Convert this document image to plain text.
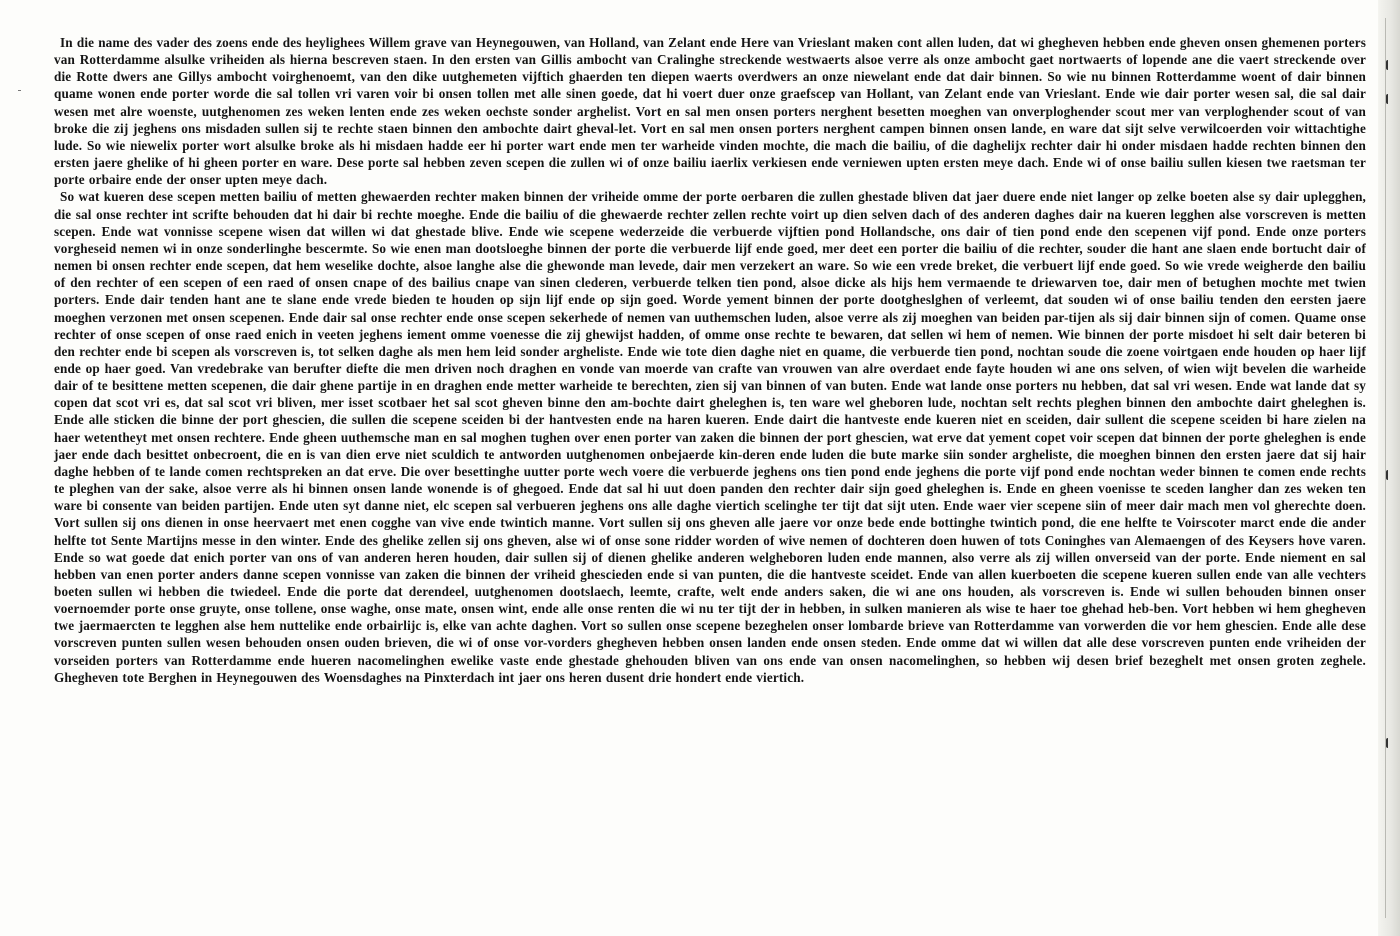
In die name des vader des zoens ende des heylighees Willem grave van Heynegouwen, van Holland, van Zelant ende Here van Vrieslant maken cont allen luden, dat wi ghegheven hebben ende gheven onsen ghemenen porters van Rotterdamme alsulke vriheiden als hierna bescreven staen. In den ersten van Gillis ambocht van Cralinghe streckende westwaerts alsoe verre als onze ambocht gaet nortwaerts of lopende ane die vaert streckende over die Rotte dwers ane Gillys ambocht voirghenoemt, van den dike uutghemeten vijftich ghaerden ten diepen waerts overdwers an onze niewelant ende dat dair binnen. So wie nu binnen Rotterdamme woent of dair binnen quame wonen ende porter worde die sal tollen vri varen voir bi onsen tollen met alle sinen goede, dat hi voert duer onze graefscep van Hollant, van Zelant ende van Vrieslant. Ende wie dair porter wesen sal, die sal dair wesen met alre woenste, uutghenomen zes weken lenten ende zes weken oechste sonder arghelist. Vort en sal men onsen porters nerghent besetten moeghen van onverploghender scout mer van verploghender scout of van broke die zij jeghens ons misdaden sullen sij te rechte staen binnen den ambochte dairt gheval-let. Vort en sal men onsen porters nerghent campen binnen onsen lande, en ware dat sijt selve verwilcoerden voir wittachtighe lude. So wie niewelix porter wort alsulke broke als hi misdaen hadde eer hi porter wart ende men ter warheide vinden mochte, die mach die bailiu, of die daghelijx rechter dair hi onder misdaen hadde rechten binnen den ersten jaere ghelike of hi gheen porter en ware. Dese porte sal hebben zeven scepen die zullen wi of onze bailiu iaerlix verkiesen ende verniewen upten ersten meye dach. Ende wi of onse bailiu sullen kiesen twe raetsman ter porte orbaire ende der onser upten meye dach.

So wat kueren dese scepen metten bailiu of metten ghewaerden rechter maken binnen der vriheide omme der porte oerbaren die zullen ghestade bliven dat jaer duere ende niet langer op zelke boeten alse sy dair uplegghen, die sal onse rechter int scrifte behouden dat hi dair bi rechte moeghe. Ende die bailiu of die ghewaerde rechter zellen rechte voirt up dien selven dach of des anderen daghes dair na kueren legghen alse vorscreven is metten scepen. Ende wat vonnisse scepene wisen dat willen wi dat ghestade blive. Ende wie scepene wederzeide die verbuerde vijftien pond Hollandsche, ons dair of tien pond ende den scepenen vijf pond. Ende onze porters vorgheseid nemen wi in onze sonderlinghe bescermte. So wie enen man dootsloeghe binnen der porte die verbuerde lijf ende goed, mer deet een porter die bailiu of die rechter, souder die hant ane slaen ende bortucht dair of nemen bi onsen rechter ende scepen, dat hem weselike dochte, alsoe langhe alse die ghewonde man levede, dair men verzekert an ware. So wie een vrede breket, die verbuert lijf ende goed. So wie vrede weigherde den bailiu of den rechter of een scepen of een raed of onsen cnape of des bailius cnape van sinen clederen, verbuerde telken tien pond, alsoe dicke als hijs hem vermaende te driewarven toe, dair men of betughen mochte met twien porters. Ende dair tenden hant ane te slane ende vrede bieden te houden op sijn lijf ende op sijn goed. Worde yement binnen der porte dootgheslghen of verleemt, dat souden wi of onse bailiu tenden den eersten jaere moeghen verzonen met onsen scepenen. Ende dair sal onse rechter ende onse scepen sekerhede of nemen van uuthemschen luden, alsoe verre als zij moeghen van beiden par-tijen als sij dair binnen sijn of comen. Quame onse rechter of onse scepen of onse raed enich in veeten jeghens iement omme voenesse die zij ghewijst hadden, of omme onse rechte te bewaren, dat sellen wi hem of nemen. Wie binnen der porte misdoet hi selt dair beteren bi den rechter ende bi scepen als vorscreven is, tot selken daghe als men hem leid sonder argheliste. Ende wie tote dien daghe niet en quame, die verbuerde tien pond, nochtan soude die zoene voirtgaen ende houden op haer lijf ende op haer goed. Van vredebrake van berufter diefte die men driven noch draghen en vonde van moerde van crafte van vrouwen van alre overdaet ende fayte houden wi ane ons selven, of wien wijt bevelen die warheide dair of te besittene metten scepenen, die dair ghene partije in en draghen ende metter warheide te berechten, zien sij van binnen of van buten. Ende wat lande onse porters nu hebben, dat sal vri wesen. Ende wat lande dat sy copen dat scot vri es, dat sal scot vri bliven, mer isset scotbaer het sal scot gheven binne den am-bochte dairt gheleghen is, ten ware wel gheboren lude, nochtan selt rechts pleghen binnen den ambochte dairt gheleghen is. Ende alle sticken die binne der port ghescien, die sullen die scepene sceiden bi der hantvesten ende na haren kueren. Ende dairt die hantveste ende kueren niet en sceiden, dair sullent die scepene sceiden bi hare zielen na haer wetentheyt met onsen rechtere. Ende gheen uuthemsche man en sal moghen tughen over enen porter van zaken die binnen der port ghescien, wat erve dat yement copet voir scepen dat binnen der porte gheleghen is ende jaer ende dach besittet onbecroent, die en is van dien erve niet sculdich te antworden uutghenomen onbejaerde kin-deren ende luden die bute marke siin sonder argheliste, die moeghen binnen den ersten jaere dat sij hair daghe hebben of te lande comen rechtspreken an dat erve. Die over besettinghe uutter porte wech voere die verbuerde jeghens ons tien pond ende jeghens die porte vijf pond ende nochtan weder binnen te comen ende rechts te pleghen van der sake, alsoe verre als hi binnen onsen lande wonende is of ghegoed. Ende dat sal hi uut doen panden den rechter dair sijn goed gheleghen is. Ende en gheen voenisse te sceden langher dan zes weken ten ware bi consente van beiden partijen. Ende uten syt danne niet, elc scepen sal verbueren jeghens ons alle daghe viertich scelinghe ter tijt dat sijt uten. Ende waer vier scepene siin of meer dair mach men vol gherechte doen. Vort sullen sij ons dienen in onse heervaert met enen cogghe van vive ende twintich manne. Vort sullen sij ons gheven alle jaere vor onze bede ende bottinghe twintich pond, die ene helfte te Voirscoter marct ende die ander helfte tot Sente Martijns messe in den winter. Ende des ghelike zellen sij ons gheven, alse wi of onse sone ridder worden of wive nemen of dochteren doen huwen of tots Coninghes van Alemaengen of des Keysers hove varen. Ende so wat goede dat enich porter van ons of van anderen heren houden, dair sullen sij of dienen ghelike anderen welgheboren luden ende mannen, also verre als zij willen onverseid van der porte. Ende niement en sal hebben van enen porter anders danne scepen vonnisse van zaken die binnen der vriheid ghescieden ende si van punten, die die hantveste sceidet. Ende van allen kuerboeten die scepene kueren sullen ende van alle vechters boeten sullen wi hebben die twiedeel. Ende die porte dat derendeel, uutghenomen dootslaech, leemte, crafte, welt ende anders saken, die wi ane ons houden, als vorscreven is. Ende wi sullen behouden binnen onser voernoemder porte onse gruyte, onse tollene, onse waghe, onse mate, onsen wint, ende alle onse renten die wi nu ter tijt der in hebben, in sulken manieren als wise te haer toe ghehad heb-ben. Vort hebben wi hem ghegheven twe jaermaercten te legghen alse hem nuttelike ende orbairlijc is, elke van achte daghen. Vort so sullen onse scepene bezeghelen onser lombarde brieve van Rotterdamme van vorwerden die vor hem ghescien. Ende alle dese vorscreven punten sullen wesen behouden onsen ouden brieven, die wi of onse vor-vorders ghegheven hebben onsen landen ende onsen steden. Ende omme dat wi willen dat alle dese vorscreven punten ende vriheiden der vorseiden porters van Rotterdamme ende hueren nacomelinghen ewelike vaste ende ghestade ghehouden bliven van ons ende van onsen nacomelinghen, so hebben wij desen brief bezeghelt met onsen groten zeghele. Ghegheven tote Berghen in Heynegouwen des Woensdaghes na Pinxterdach int jaer ons heren dusent drie hondert ende viertich.
